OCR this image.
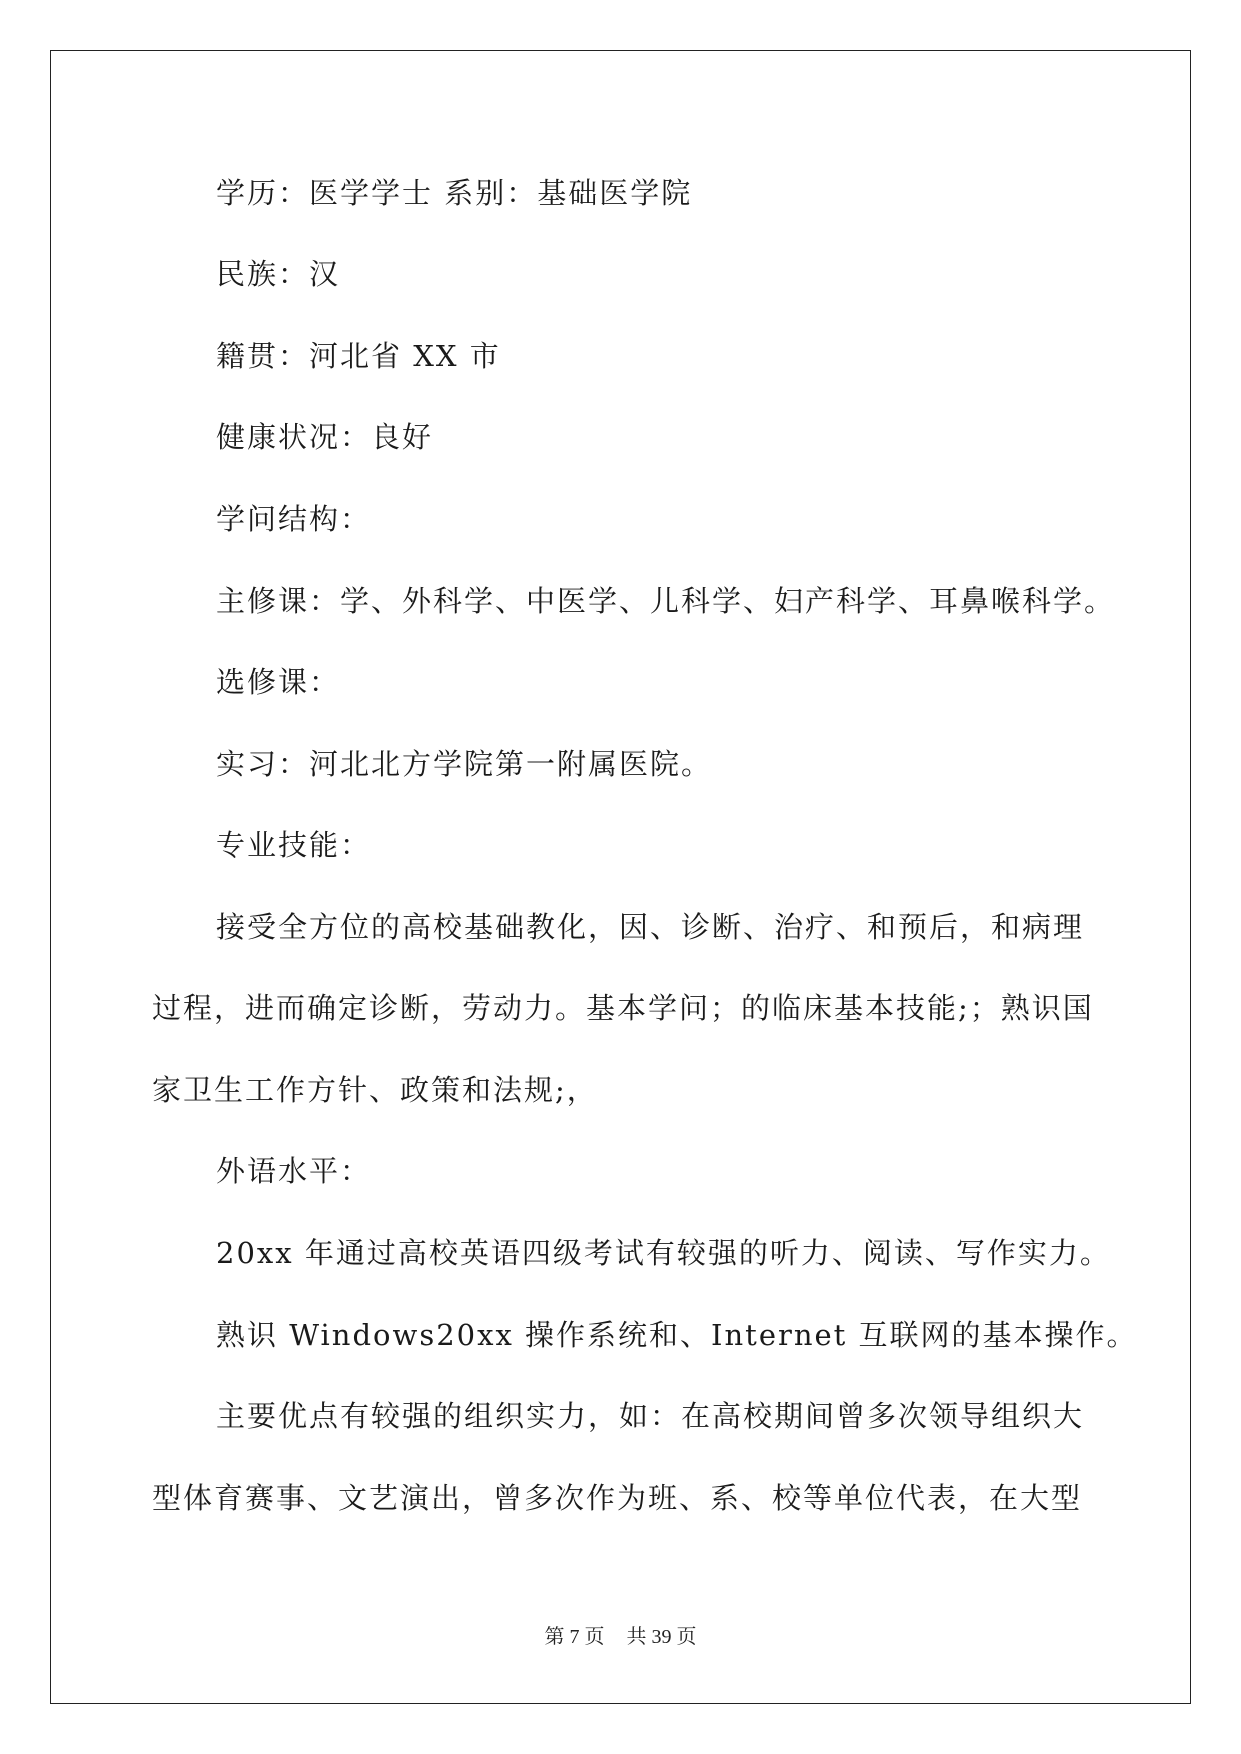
学历：医学学士 系别：基础医学院
民族：汉
籍贯：河北省 XX 市
健康状况：良好
学问结构：
主修课：学、外科学、中医学、儿科学、妇产科学、耳鼻喉科学。
选修课：
实习：河北北方学院第一附属医院。
专业技能：
接受全方位的高校基础教化，因、诊断、治疗、和预后，和病理
过程，进而确定诊断，劳动力。基本学问；的临床基本技能;；熟识国
家卫生工作方针、政策和法规;，
外语水平：
20xx 年通过高校英语四级考试有较强的听力、阅读、写作实力。
熟识 Windows20xx 操作系统和、Internet 互联网的基本操作。
主要优点有较强的组织实力，如：在高校期间曾多次领导组织大
型体育赛事、文艺演出，曾多次作为班、系、校等单位代表，在大型
第 7 页 共 39 页
